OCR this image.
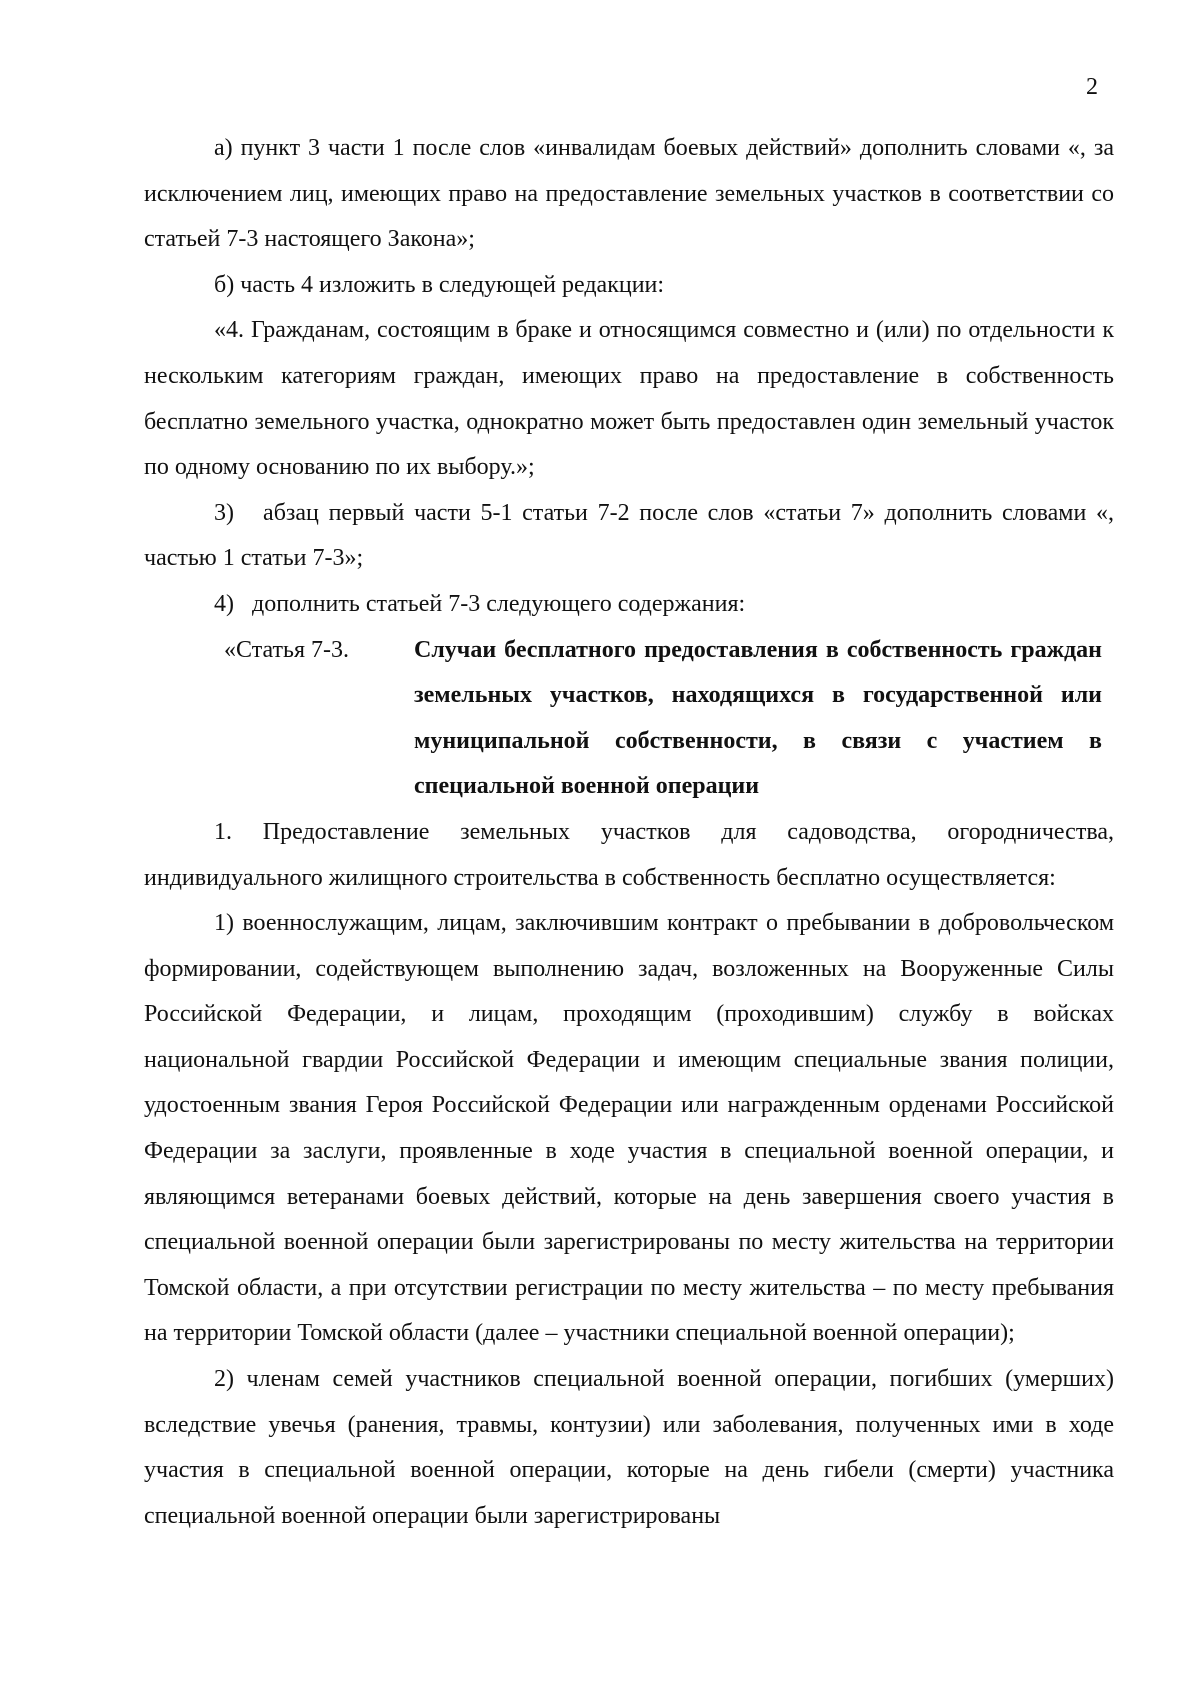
2

а) пункт 3 части 1 после слов «инвалидам боевых действий» дополнить словами «, за исключением лиц, имеющих право на предоставление земельных участков в соответствии со статьей 7-3 настоящего Закона»;

б) часть 4 изложить в следующей редакции:

«4. Гражданам, состоящим в браке и относящимся совместно и (или) по отдельности к нескольким категориям граждан, имеющих право на предоставление в собственность бесплатно земельного участка, однократно может быть предоставлен один земельный участок по одному основанию по их выбору.»;

3)   абзац первый части 5-1 статьи 7-2 после слов «статьи 7» дополнить словами «, частью 1 статьи 7-3»;

4)   дополнить статьей 7-3 следующего содержания:

«Статья 7-3.	Случаи бесплатного предоставления в собственность граждан земельных участков, находящихся в государственной или муниципальной собственности, в связи с участием в специальной военной операции

1. Предоставление земельных участков для садоводства, огородничества, индивидуального жилищного строительства в собственность бесплатно осуществляется:

1) военнослужащим, лицам, заключившим контракт о пребывании в добровольческом формировании, содействующем выполнению задач, возложенных на Вооруженные Силы Российской Федерации, и лицам, проходящим (проходившим) службу в войсках национальной гвардии Российской Федерации и имеющим специальные звания полиции, удостоенным звания Героя Российской Федерации или награжденным орденами Российской Федерации за заслуги, проявленные в ходе участия в специальной военной операции, и являющимся ветеранами боевых действий, которые на день завершения своего участия в специальной военной операции были зарегистрированы по месту жительства на территории Томской области, а при отсутствии регистрации по месту жительства – по месту пребывания на территории Томской области (далее – участники специальной военной операции);

2) членам семей участников специальной военной операции, погибших (умерших) вследствие увечья (ранения, травмы, контузии) или заболевания, полученных ими в ходе участия в специальной военной операции, которые на день гибели (смерти) участника специальной военной операции были зарегистрированы
